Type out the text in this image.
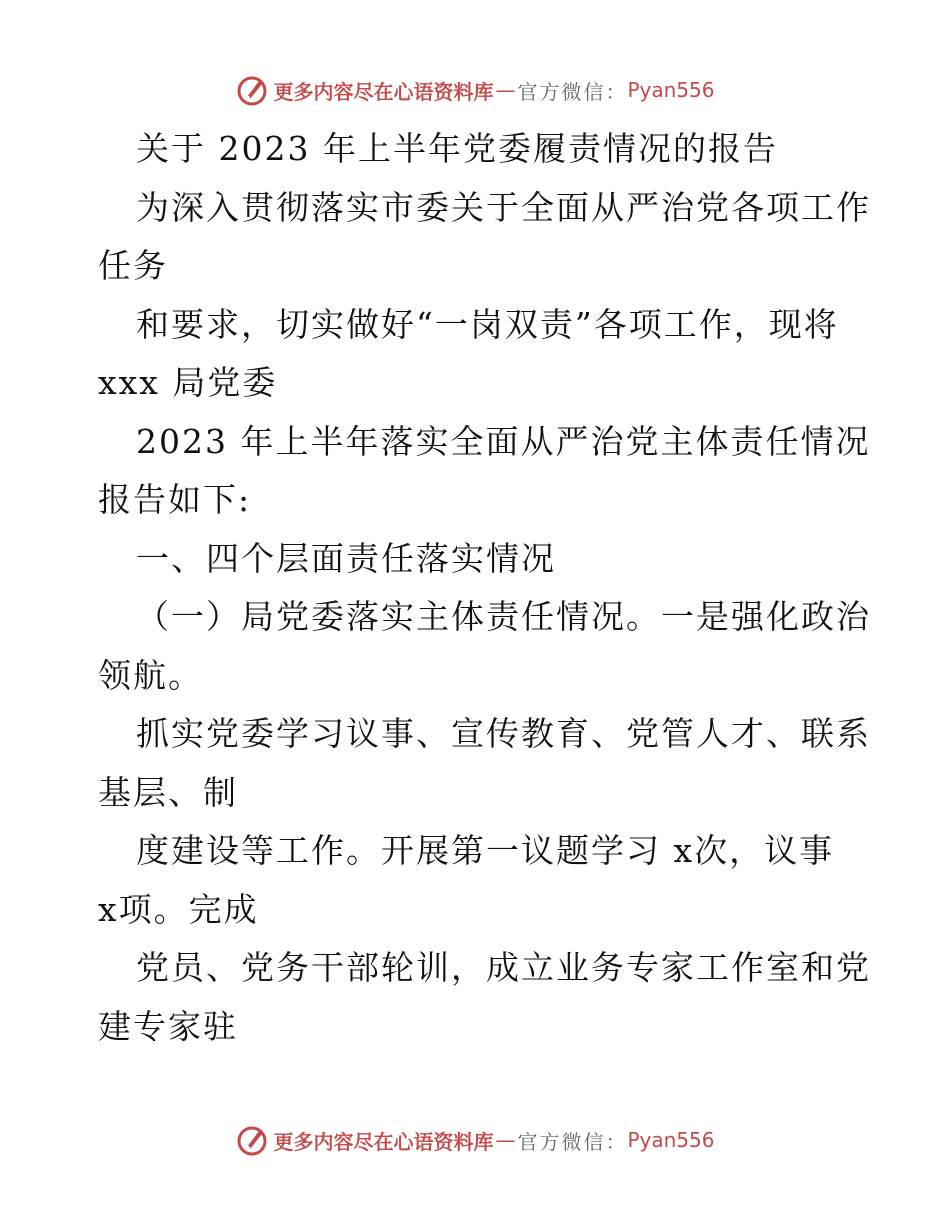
更多内容尽在心语资料库 — 官方微信： Pyan556

关于 2023 年上半年党委履责情况的报告

为深入贯彻落实市委关于全面从严治党各项工作

任务

和要求，切实做好“一岗双责”各项工作，现将

xxx 局党委

2023 年上半年落实全面从严治党主体责任情况

报告如下:

一、四个层面责任落实情况

（一）局党委落实主体责任情况。一是强化政治

领航。

抓实党委学习议事、宣传教育、党管人才、联系

基层、制

度建设等工作。开展第一议题学习 x次，议事

x项。完成

党员、党务干部轮训，成立业务专家工作室和党

建专家驻

更多内容尽在心语资料库 — 官方微信： Pyan556
